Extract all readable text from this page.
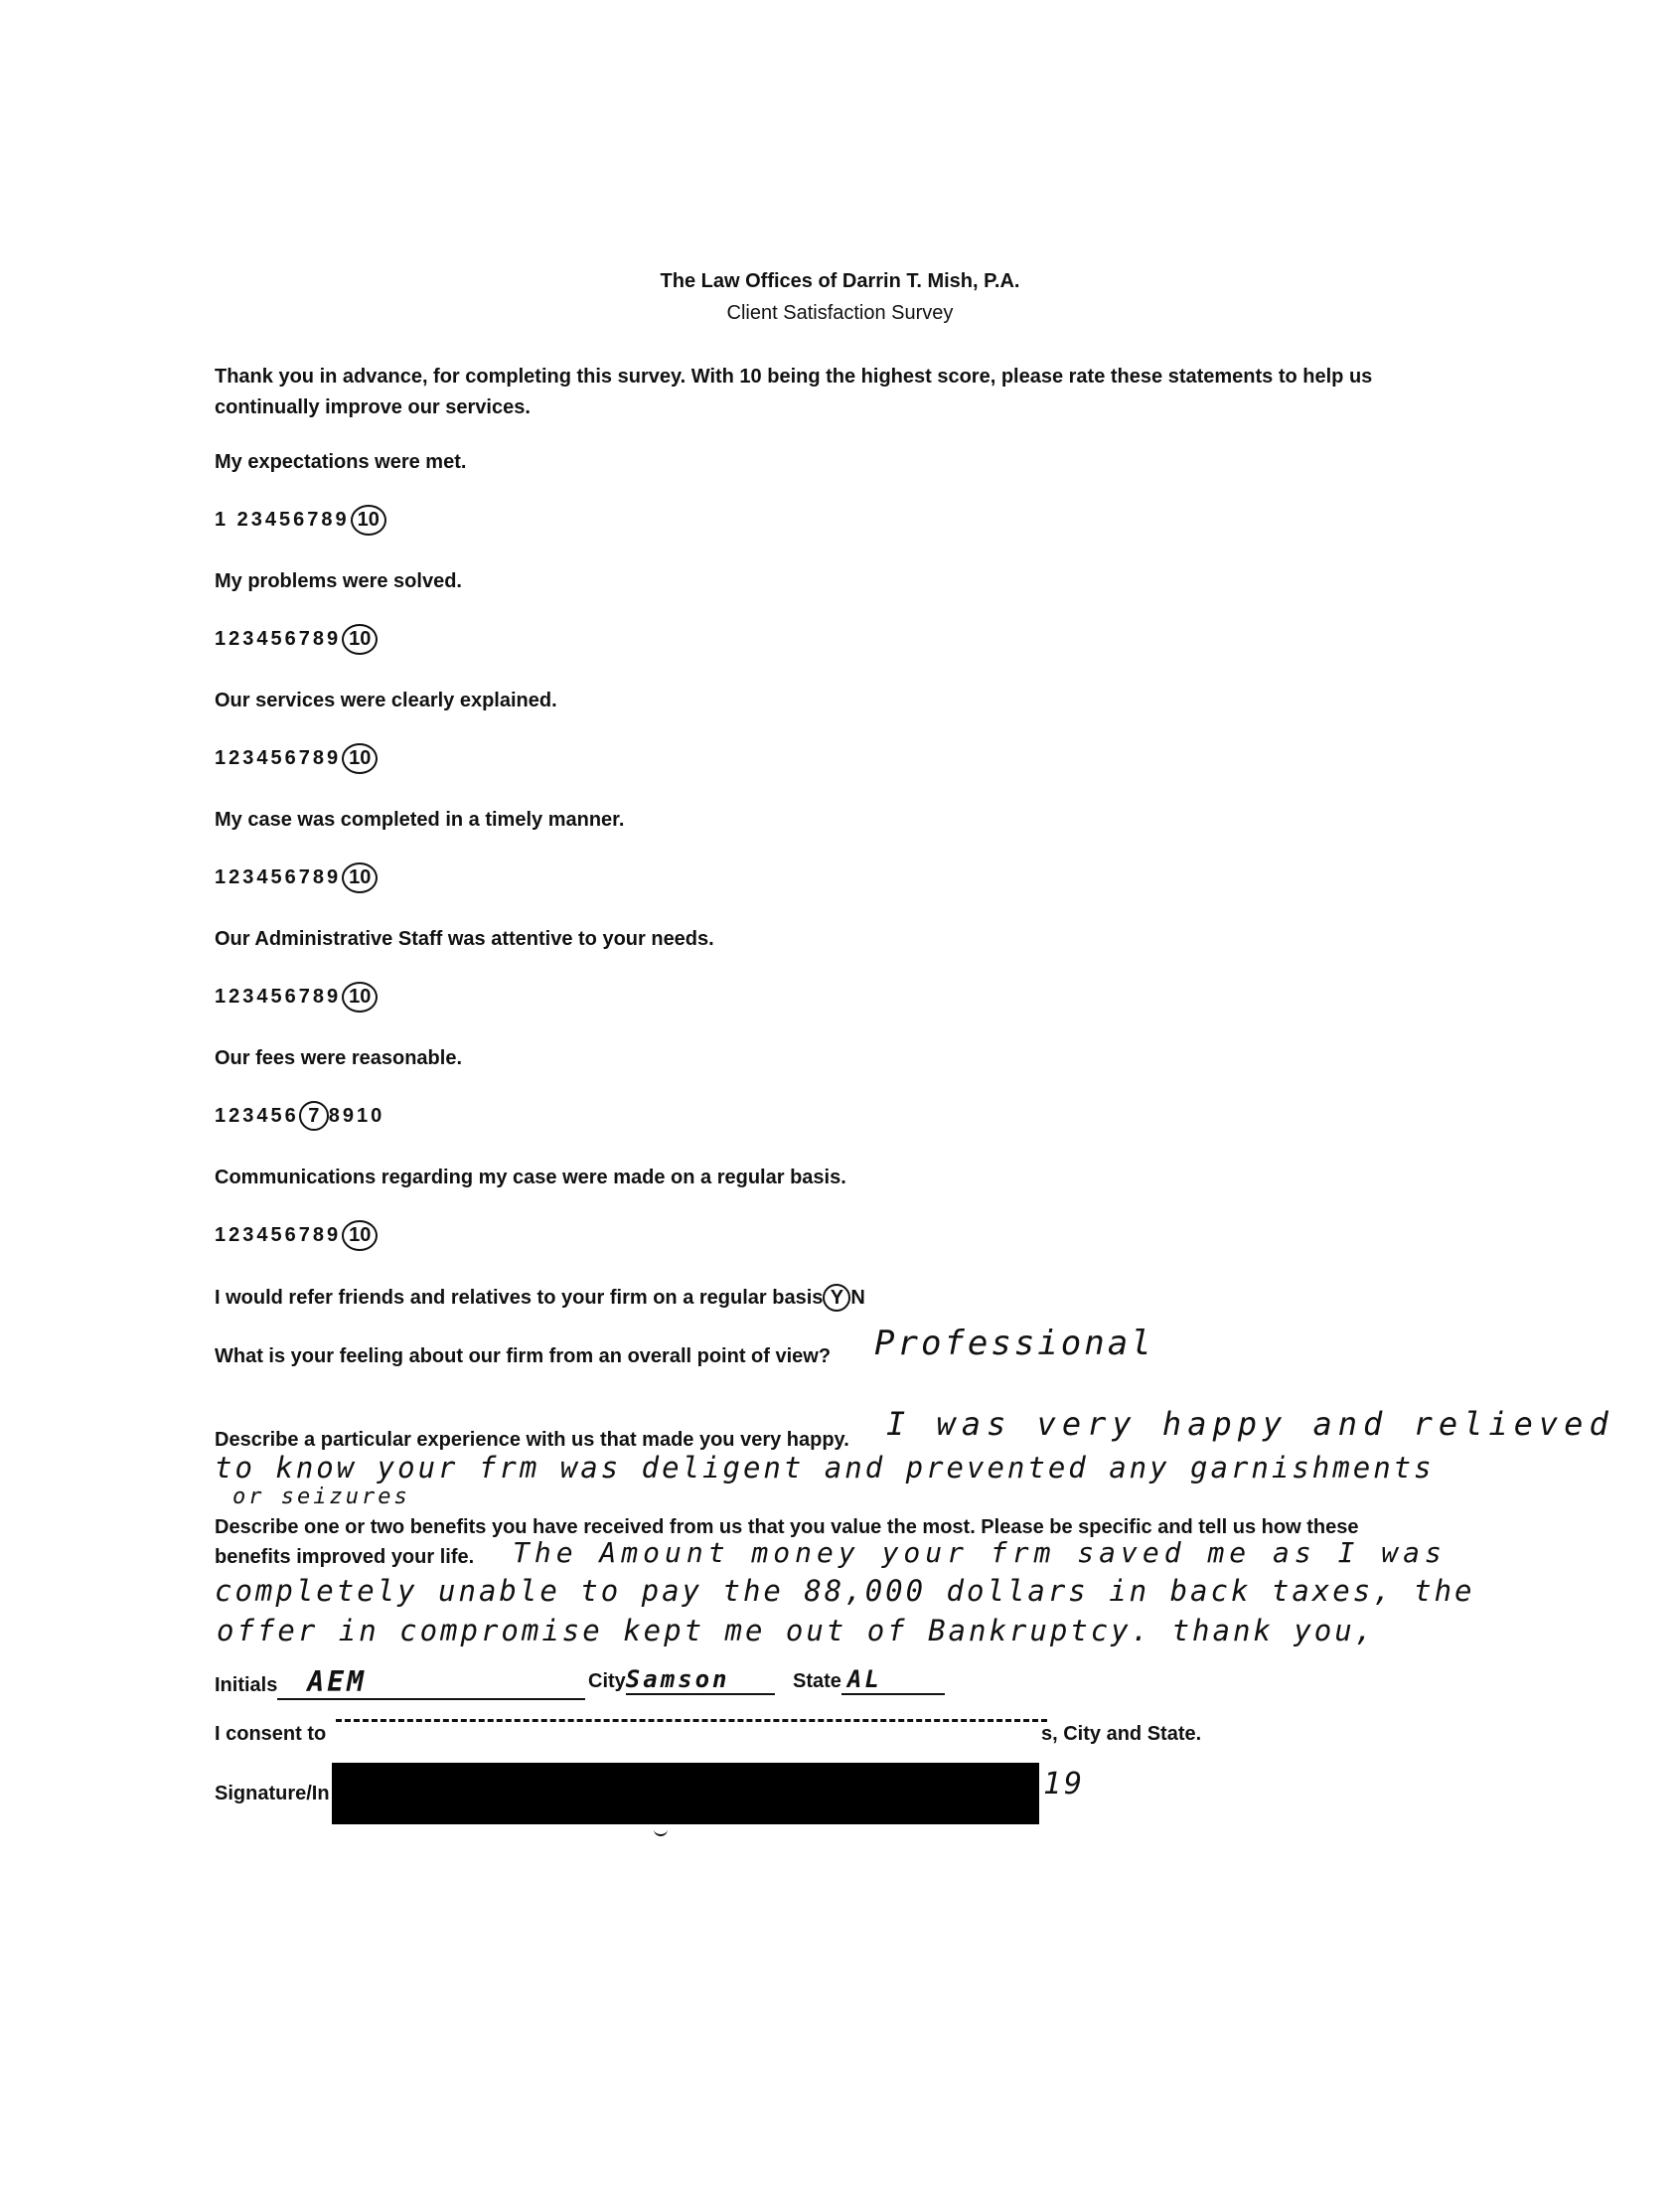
The Law Offices of Darrin T. Mish, P.A.
Client Satisfaction Survey
Thank you in advance, for completing this survey. With 10 being the highest score, please rate these statements to help us continually improve our services.
My expectations were met.
1 23456789 10
My problems were solved.
123456789 10
Our services were clearly explained.
123456789 10
My case was completed in a timely manner.
123456789 10
Our Administrative Staff was attentive to your needs.
123456789 10
Our fees were reasonable.
123456 7 8910
Communications regarding my case were made on a regular basis.
123456789 10
I would refer friends and relatives to your firm on a regular basis Y N
What is your feeling about our firm from an overall point of view? Professional
Describe a particular experience with us that made you very happy. I was very happy and relieved
to know your frm was deligent and prevented any garnishments
or seizures
Describe one or two benefits you have received from us that you value the most. Please be specific and tell us how these
benefits improved your life. The Amount money your frm saved me as I was
completely unable to pay the 88,000 dollars in back taxes, the
offer in compromise kept me out of Bankruptcy. thank you,
Initials AEM	CitySamson	State AL
I consent to	s, City and State.
Signature/In	19
